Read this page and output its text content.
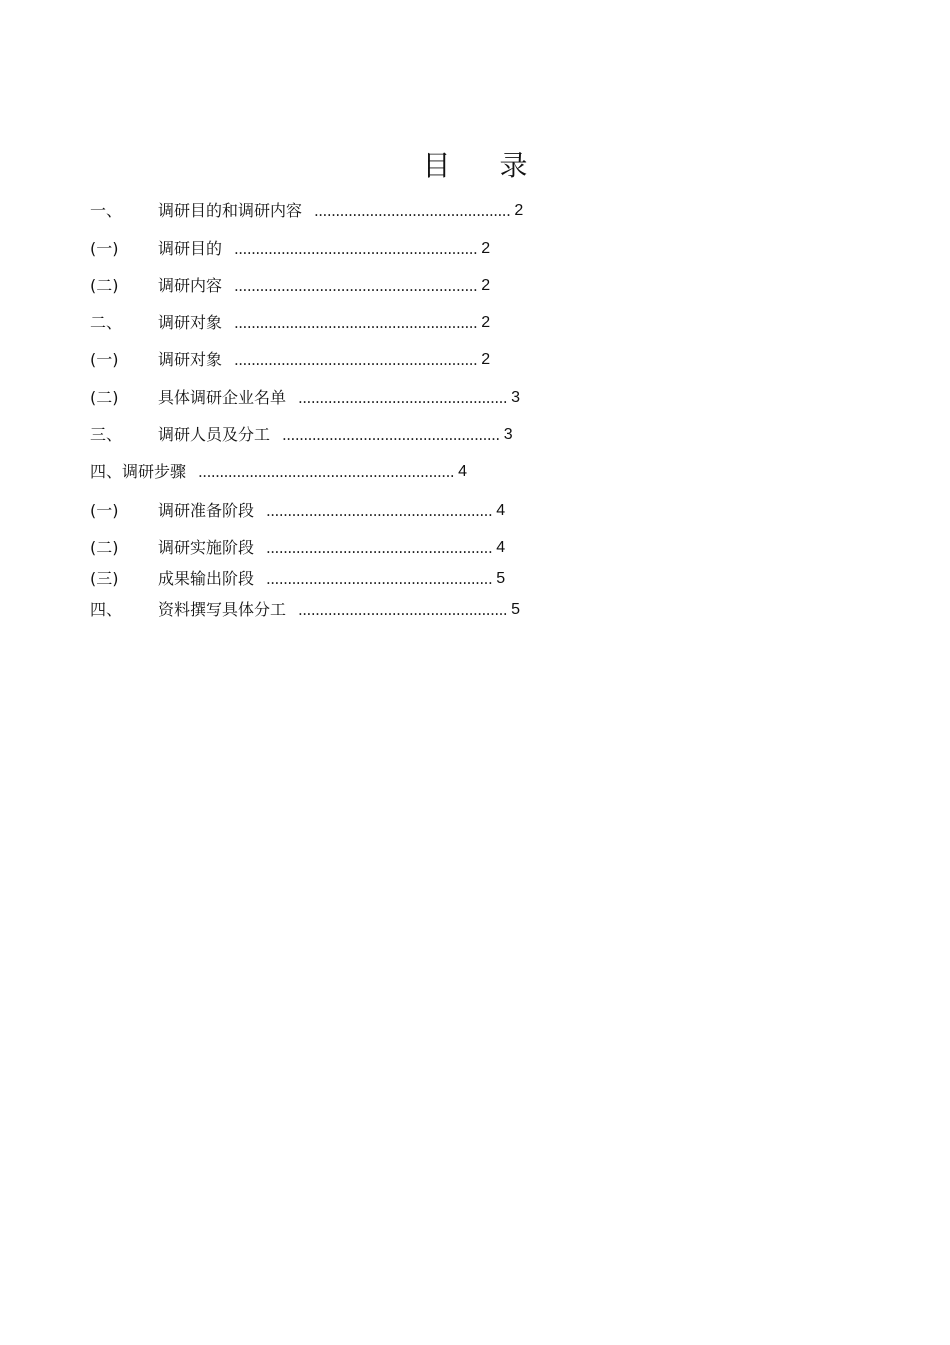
目 录
一、	调研目的和调研内容 .............................................. 2
(一)	调研目的 ......................................................... 2
(二)	调研内容 ......................................................... 2
二、	调研对象 ......................................................... 2
(一)	调研对象 ......................................................... 2
(二)	具体调研企业名单 ................................................. 3
三、	调研人员及分工 ................................................... 3
四、 调研步骤 ............................................................ 4
(一)	调研准备阶段 ..................................................... 4
(二)	调研实施阶段 ..................................................... 4
(三)	成果输出阶段 ..................................................... 5
四、	资料撰写具体分工 ................................................. 5
